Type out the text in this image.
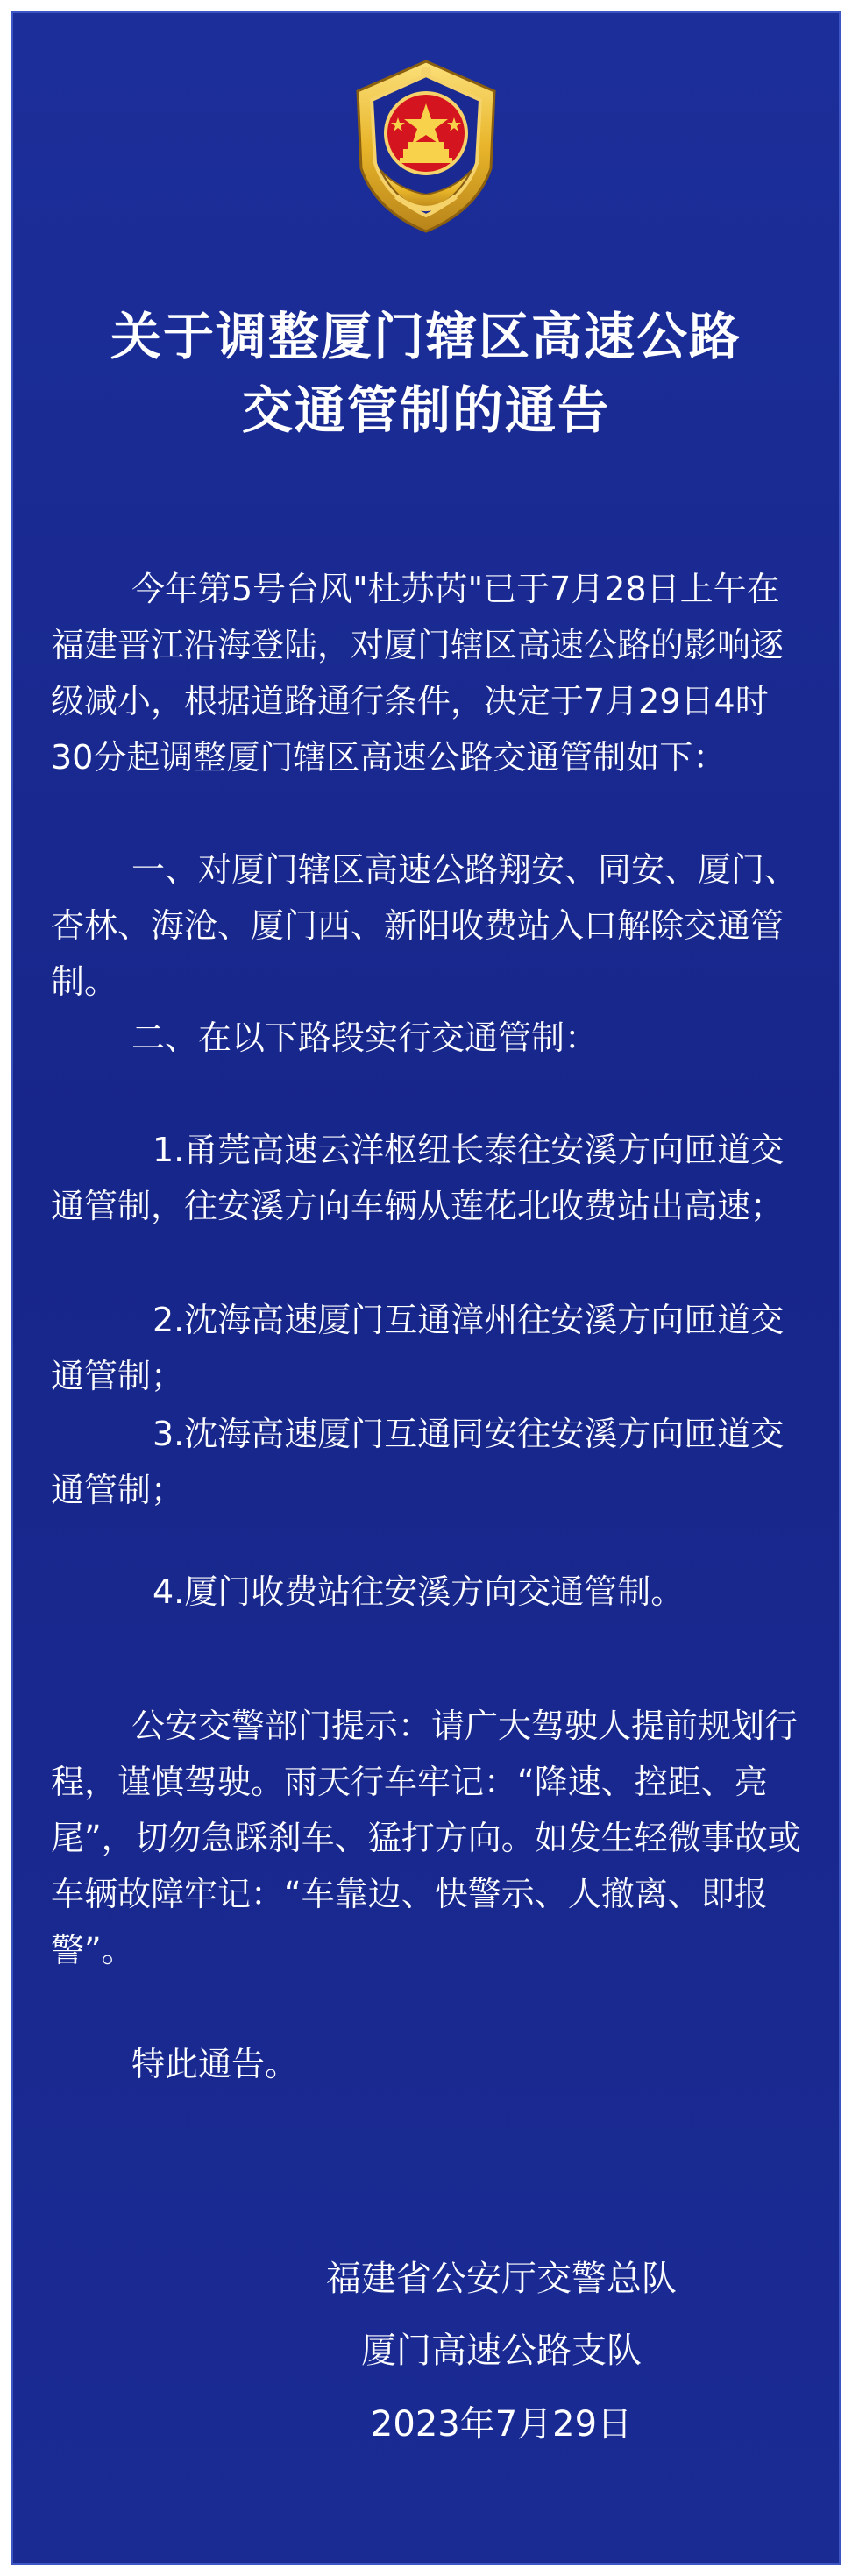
关于调整厦门辖区高速公路
交通管制的通告

今年第5号台风"杜苏芮"已于7月28日上午在福建晋江沿海登陆，对厦门辖区高速公路的影响逐级减小，根据道路通行条件，决定于7月29日4时30分起调整厦门辖区高速公路交通管制如下：

一、对厦门辖区高速公路翔安、同安、厦门、杏林、海沧、厦门西、新阳收费站入口解除交通管制。

二、在以下路段实行交通管制：

1.甬莞高速云洋枢纽长泰往安溪方向匝道交通管制，往安溪方向车辆从莲花北收费站出高速；

2.沈海高速厦门互通漳州往安溪方向匝道交通管制；

3.沈海高速厦门互通同安往安溪方向匝道交通管制；

4.厦门收费站往安溪方向交通管制。

公安交警部门提示：请广大驾驶人提前规划行程，谨慎驾驶。雨天行车牢记：“降速、控距、亮尾”，切勿急踩刹车、猛打方向。如发生轻微事故或车辆故障牢记：“车靠边、快警示、人撤离、即报警”。

特此通告。

福建省公安厅交警总队
厦门高速公路支队
2023年7月29日
